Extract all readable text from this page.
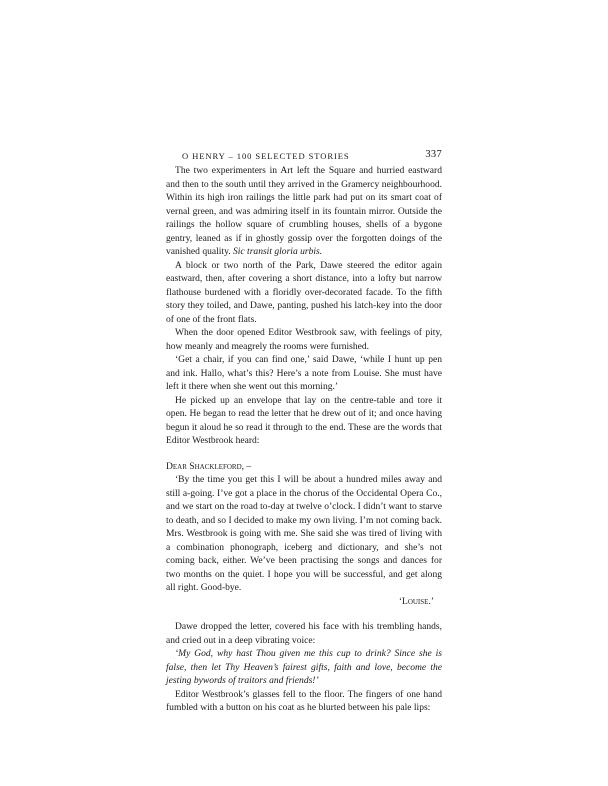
O HENRY – 100 SELECTED STORIES	337

The two experimenters in Art left the Square and hurried eastward and then to the south until they arrived in the Gramercy neighbourhood. Within its high iron railings the little park had put on its smart coat of vernal green, and was admiring itself in its fountain mirror. Outside the railings the hollow square of crumbling houses, shells of a bygone gentry, leaned as if in ghostly gossip over the forgotten doings of the vanished quality. Sic transit gloria urbis.

A block or two north of the Park, Dawe steered the editor again eastward, then, after covering a short distance, into a lofty but narrow flathouse burdened with a floridly over-decorated facade. To the fifth story they toiled, and Dawe, panting, pushed his latch-key into the door of one of the front flats.

When the door opened Editor Westbrook saw, with feelings of pity, how meanly and meagrely the rooms were furnished.

‘Get a chair, if you can find one,’ said Dawe, ‘while I hunt up pen and ink. Hallo, what’s this? Here’s a note from Louise. She must have left it there when she went out this morning.’

He picked up an envelope that lay on the centre-table and tore it open. He began to read the letter that he drew out of it; and once having begun it aloud he so read it through to the end. These are the words that Editor Westbrook heard:

Dear Shackleford, –

‘By the time you get this I will be about a hundred miles away and still a-going. I’ve got a place in the chorus of the Occidental Opera Co., and we start on the road to-day at twelve o’clock. I didn’t want to starve to death, and so I decided to make my own living. I’m not coming back. Mrs. Westbrook is going with me. She said she was tired of living with a combination phonograph, iceberg and dictionary, and she’s not coming back, either. We’ve been practising the songs and dances for two months on the quiet. I hope you will be successful, and get along all right. Good-bye.

‘Louise.’

Dawe dropped the letter, covered his face with his trembling hands, and cried out in a deep vibrating voice:

‘My God, why hast Thou given me this cup to drink? Since she is false, then let Thy Heaven’s fairest gifts, faith and love, become the jesting bywords of traitors and friends!’

Editor Westbrook’s glasses fell to the floor. The fingers of one hand fumbled with a button on his coat as he blurted between his pale lips:
